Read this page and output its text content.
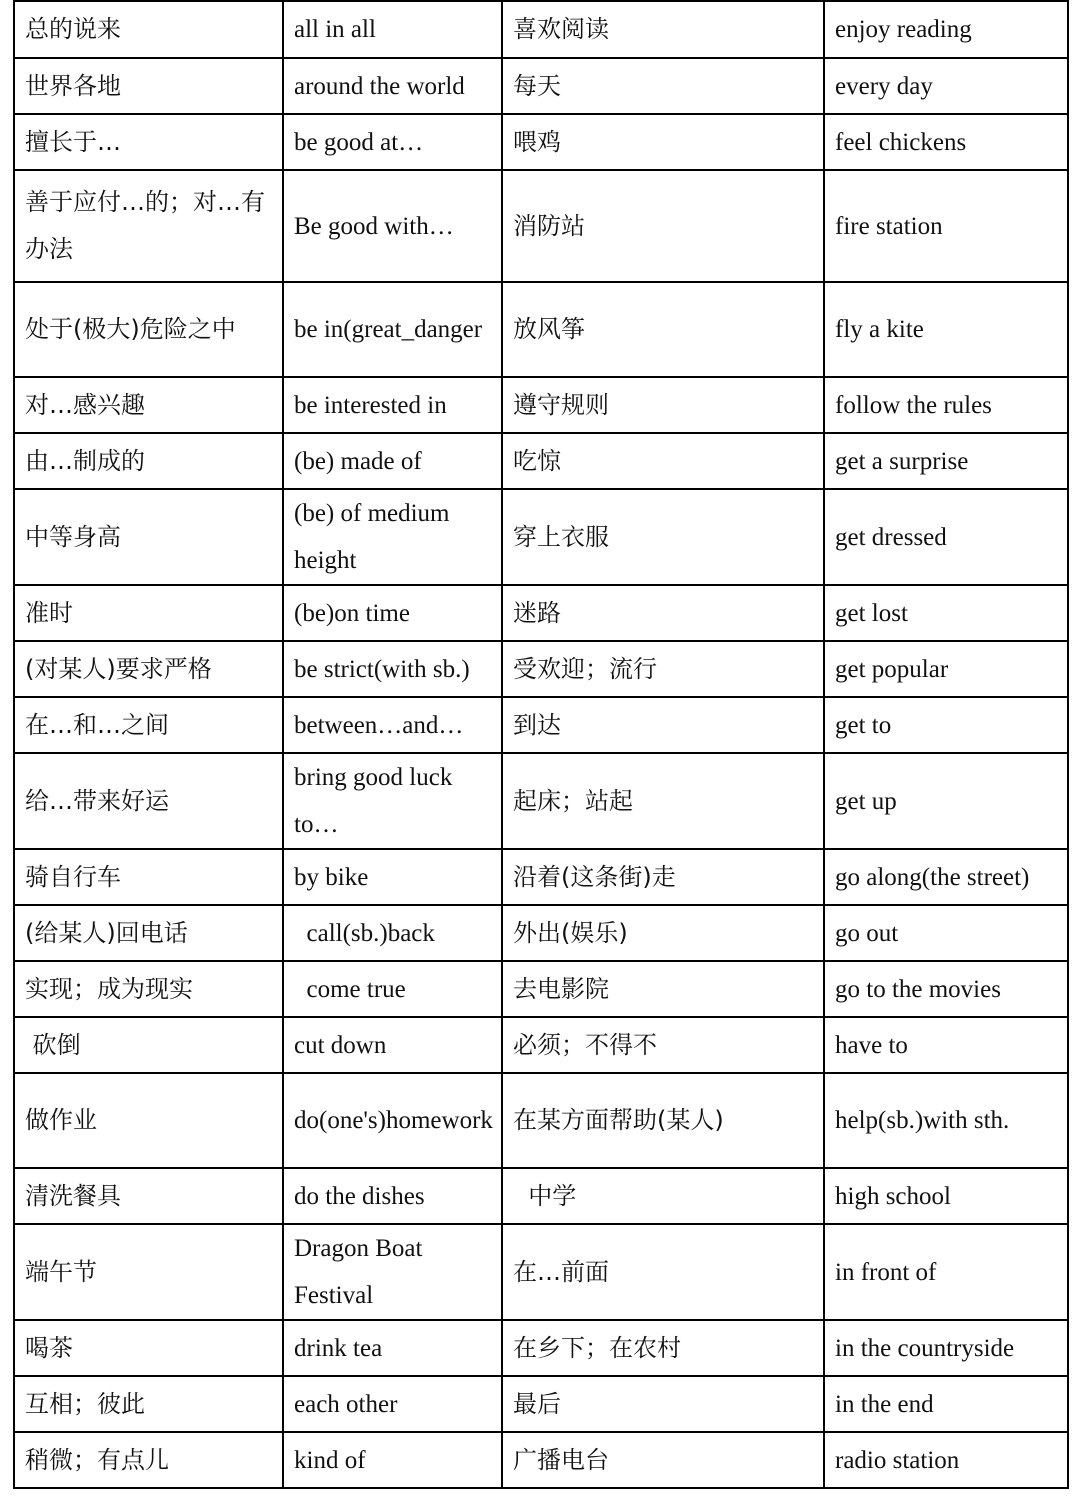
总的说来	all in all	喜欢阅读	enjoy reading
世界各地	around the world	每天	every day
擅长于…	be good at…	喂鸡	feel chickens
善于应付…的；对…有办法	Be good with…	消防站	fire station
处于(极大)危险之中	be in(great_danger	放风筝	fly a kite
对…感兴趣	be interested in	遵守规则	follow the rules
由…制成的	(be) made of	吃惊	get a surprise
中等身高	(be) of medium height	穿上衣服	get dressed
准时	(be)on time	迷路	get lost
(对某人)要求严格	be strict(with sb.)	受欢迎；流行	get popular
在…和…之间	between…and…	到达	get to
给…带来好运	bring good luck to…	起床；站起	get up
骑自行车	by bike	沿着(这条街)走	go along(the street)
(给某人)回电话	call(sb.)back	外出(娱乐)	go out
实现；成为现实	come true	去电影院	go to the movies
砍倒	cut down	必须；不得不	have to
做作业	do(one's)homework	在某方面帮助(某人)	help(sb.)with sth.
清洗餐具	do the dishes	中学	high school
端午节	Dragon Boat Festival	在…前面	in front of
喝茶	drink tea	在乡下；在农村	in the countryside
互相；彼此	each other	最后	in the end
稍微；有点儿	kind of	广播电台	radio station
